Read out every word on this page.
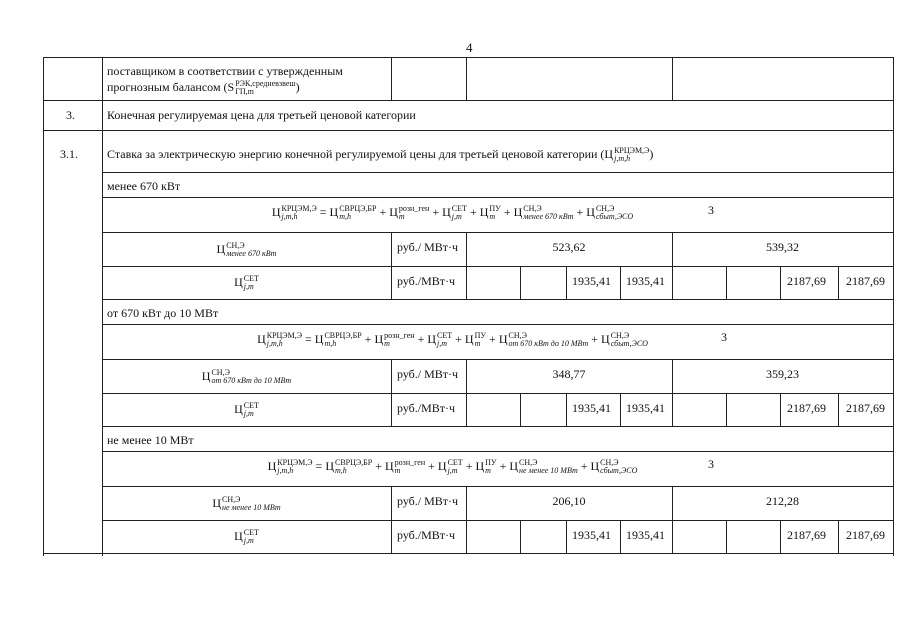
4
поставщиком в соответствии с утвержденным
прогнозным балансом (S РЭК,средневзвеш
ГП,m	)
3.	Конечная регулируемая цена для третьей ценовой категории
3.1. Ставка за электрическую энергию конечной регулируемой цены для третьей ценовой категории (Ц КРЦЭМ,Э
j,m,h	)
менее 670 кВт
Ц КРЦЭМ,Э
j,m,h	= Ц СВРЦЭ,БР
m,h	+ Ц розн_ген
m	+ Ц СЕТ
j,m + Ц ПУ
m + Ц СН,Э
менее 670 кВт + Ц СН,Э
сбыт,ЭСО	3
Ц СН,Э
менее 670 кВт	руб./ МВт·ч	523,62	539,32
Ц СЕТ
j,m	руб./МВт·ч	1935,41 1935,41	2187,69 2187,69
от 670 кВт до 10 МВт
Ц КРЦЭМ,Э
j,m,h	= Ц СВРЦЭ,БР
m,h	+ Ц розн_ген
m	+ Ц СЕТ
j,m + Ц ПУ
m + Ц СН,Э
от 670 кВт до 10 МВт + Ц СН,Э
сбыт,ЭСО	3
Ц СН,Э
от 670 кВт до 10 МВт	руб./ МВт·ч	348,77	359,23
Ц СЕТ
j,m	руб./МВт·ч	1935,41 1935,41	2187,69 2187,69
не менее 10 МВт
Ц КРЦЭМ,Э
j,m,h	= Ц СВРЦЭ,БР
m,h	+ Ц розн_ген
m	+ Ц СЕТ
j,m + Ц ПУ
m + Ц СН,Э
не менее 10 МВт + Ц СН,Э
сбыт,ЭСО	3
Ц СН,Э
не менее 10 МВт	руб./ МВт·ч	206,10	212,28
Ц СЕТ
j,m	руб./МВт·ч	1935,41 1935,41	2187,69 2187,69
